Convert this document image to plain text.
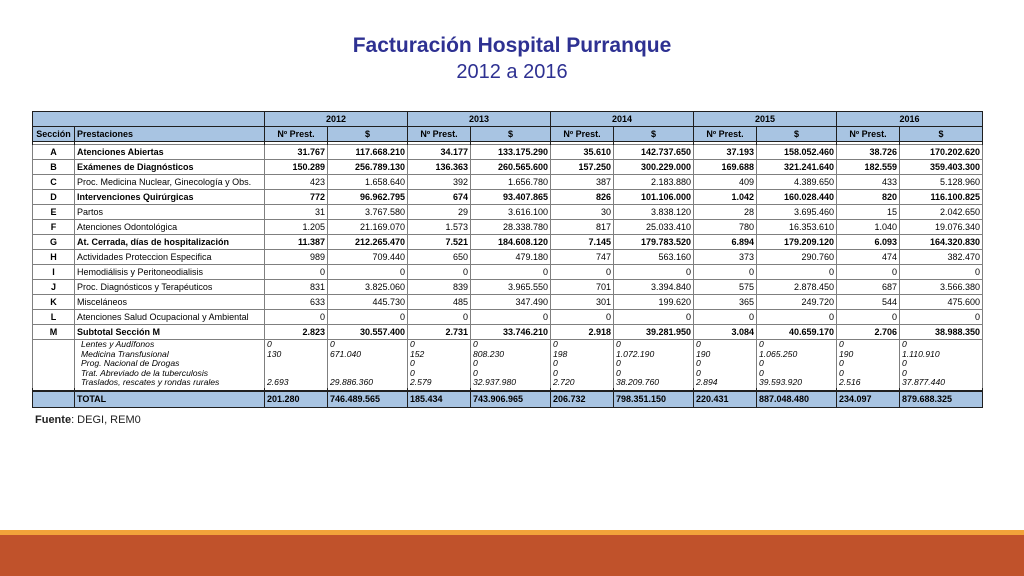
Facturación Hospital Purranque
2012 a 2016
		2012		2013		2014		2015		2016	
Sección	Prestaciones	Nº Prest.	$	Nº Prest.	$	Nº Prest.	$	Nº Prest.	$	Nº Prest.	$

A	Atenciones Abiertas	31.767	117.668.210	34.177	133.175.290	35.610	142.737.650	37.193	158.052.460	38.726	170.202.620
B	Exámenes de Diagnósticos	150.289	256.789.130	136.363	260.565.600	157.250	300.229.000	169.688	321.241.640	182.559	359.403.300
C	Proc. Medicina Nuclear, Ginecología y Obs.	423	1.658.640	392	1.656.780	387	2.183.880	409	4.389.650	433	5.128.960
D	Intervenciones Quirúrgicas	772	96.962.795	674	93.407.865	826	101.106.000	1.042	160.028.440	820	116.100.825
E	Partos	31	3.767.580	29	3.616.100	30	3.838.120	28	3.695.460	15	2.042.650
F	Atenciones Odontológica	1.205	21.169.070	1.573	28.338.780	817	25.033.410	780	16.353.610	1.040	19.076.340
G	At. Cerrada, días de hospitalización	11.387	212.265.470	7.521	184.608.120	7.145	179.783.520	6.894	179.209.120	6.093	164.320.830
H	Actividades Proteccion Especifica	989	709.440	650	479.180	747	563.160	373	290.760	474	382.470
I	Hemodiálisis y Peritoneodialisis	0	0	0	0	0	0	0	0	0	0
J	Proc. Diagnósticos y Terapéuticos	831	3.825.060	839	3.965.550	701	3.394.840	575	2.878.450	687	3.566.380
K	Misceláneos	633	445.730	485	347.490	301	199.620	365	249.720	544	475.600
L	Atenciones Salud Ocupacional y Ambiental	0	0	0	0	0	0	0	0	0	0
M	Subtotal Sección M	2.823	30.557.400	2.731	33.746.210	2.918	39.281.950	3.084	40.659.170	2.706	38.988.350
	Lentes y Audífonos	0	0	0	0	0	0	0	0	0	0
	Medicina Transfusional	130	671.040	152	808.230	198	1.072.190	190	1.065.250	190	1.110.910
	Prog. Nacional de Drogas			0	0	0	0	0	0	0	0
	Trat. Abreviado de la tuberculosis			0	0	0	0	0	0	0	0
	Traslados, rescates y rondas rurales	2.693	29.886.360	2.579	32.937.980	2.720	38.209.760	2.894	39.593.920	2.516	37.877.440

	TOTAL	201.280	746.489.565	185.434	743.906.965	206.732	798.351.150	220.431	887.048.480	234.097	879.688.325
Fuente: DEGI, REM0
